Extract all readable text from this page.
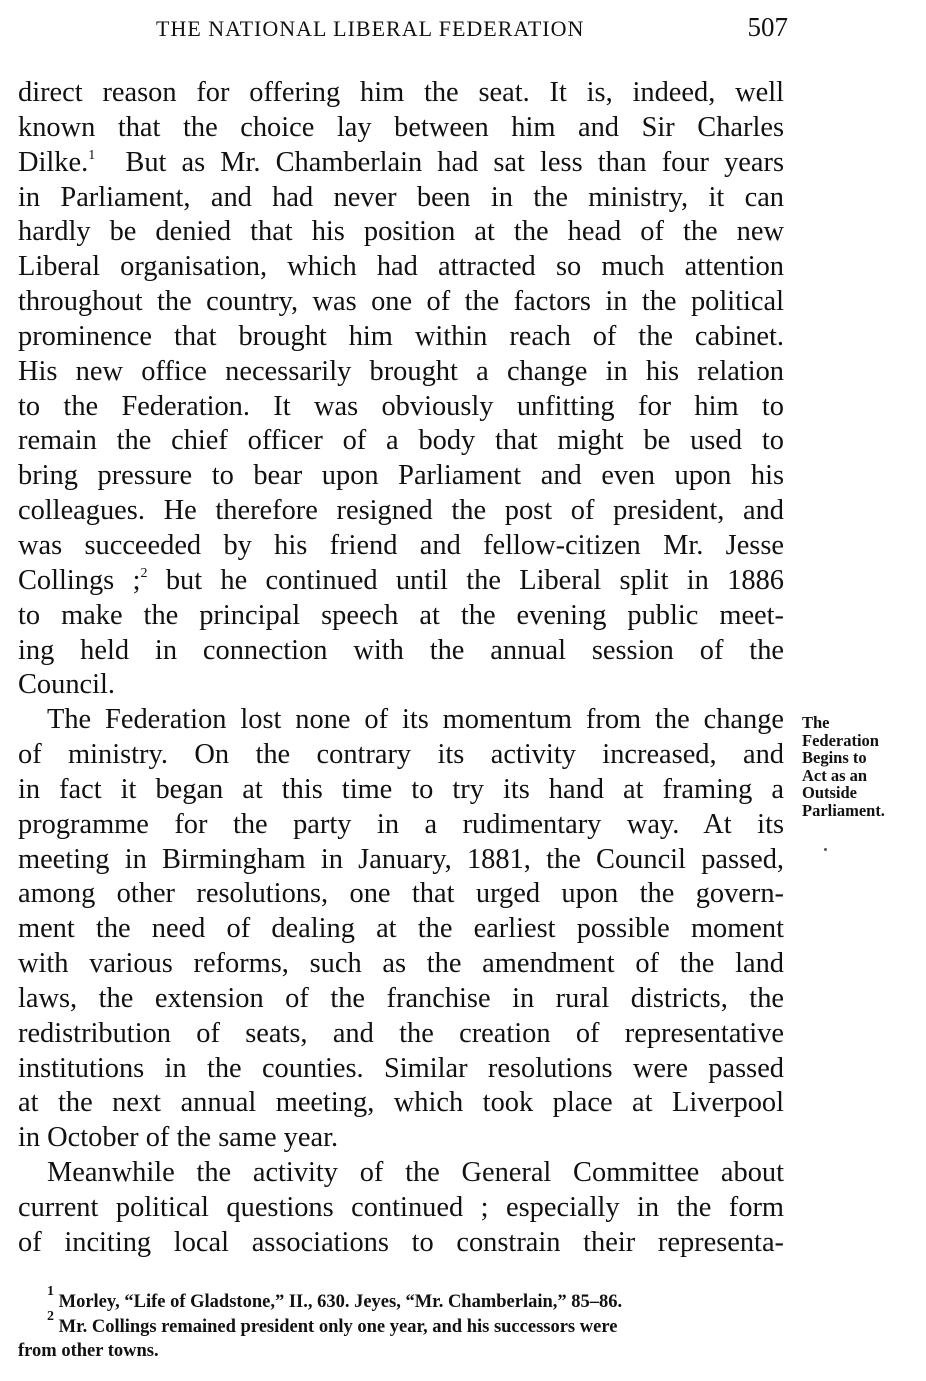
THE NATIONAL LIBERAL FEDERATION	507
direct reason for offering him the seat. It is, indeed, well
known that the choice lay between him and Sir Charles
Dilke.$^1$ But as Mr. Chamberlain had sat less than four years
in Parliament, and had never been in the ministry, it can
hardly be denied that his position at the head of the new
Liberal organisation, which had attracted so much attention
throughout the country, was one of the factors in the political
prominence that brought him within reach of the cabinet.
His new office necessarily brought a change in his relation
to the Federation. It was obviously unfitting for him to
remain the chief officer of a body that might be used to
bring pressure to bear upon Parliament and even upon his
colleagues. He therefore resigned the post of president, and
was succeeded by his friend and fellow-citizen Mr. Jesse
Collings ;$^2$ but he continued until the Liberal split in 1886
to make the principal speech at the evening public meet-
ing held in connection with the annual session of the
Council.
The Federation lost none of its momentum from the change
of ministry. On the contrary its activity increased, and
in fact it began at this time to try its hand at framing a
programme for the party in a rudimentary way. At its
meeting in Birmingham in January, 1881, the Council passed,
among other resolutions, one that urged upon the govern-
ment the need of dealing at the earliest possible moment
with various reforms, such as the amendment of the land
laws, the extension of the franchise in rural districts, the
redistribution of seats, and the creation of representative
institutions in the counties. Similar resolutions were passed
at the next annual meeting, which took place at Liverpool
in October of the same year.
Meanwhile the activity of the General Committee about
current political questions continued ; especially in the form
of inciting local associations to constrain their representa-
The
Federation
Begins to
Act as an
Outside
Parliament.
$^1$ Morley, “Life of Gladstone,” II., 630. Jeyes, “Mr. Chamberlain,” 85–86.
$^2$ Mr. Collings remained president only one year, and his successors were
from other towns.
